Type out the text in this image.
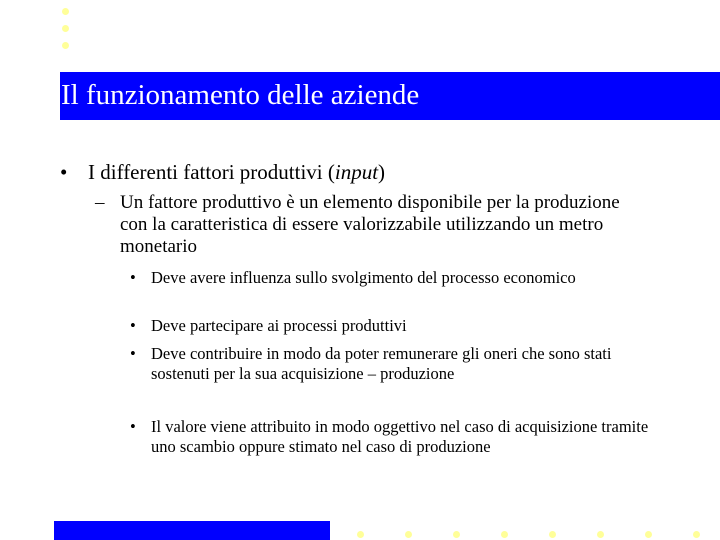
Il funzionamento delle aziende
• I differenti fattori produttivi (input)
– Un fattore produttivo è un elemento disponibile per la produzione con la caratteristica di essere valorizzabile utilizzando un metro monetario
• Deve avere influenza sullo svolgimento del processo economico
• Deve partecipare ai processi produttivi
• Deve contribuire in modo da poter remunerare gli oneri che sono stati sostenuti per la sua acquisizione – produzione
• Il valore viene attribuito in modo oggettivo nel caso di acquisizione tramite uno scambio oppure stimato nel caso di produzione
